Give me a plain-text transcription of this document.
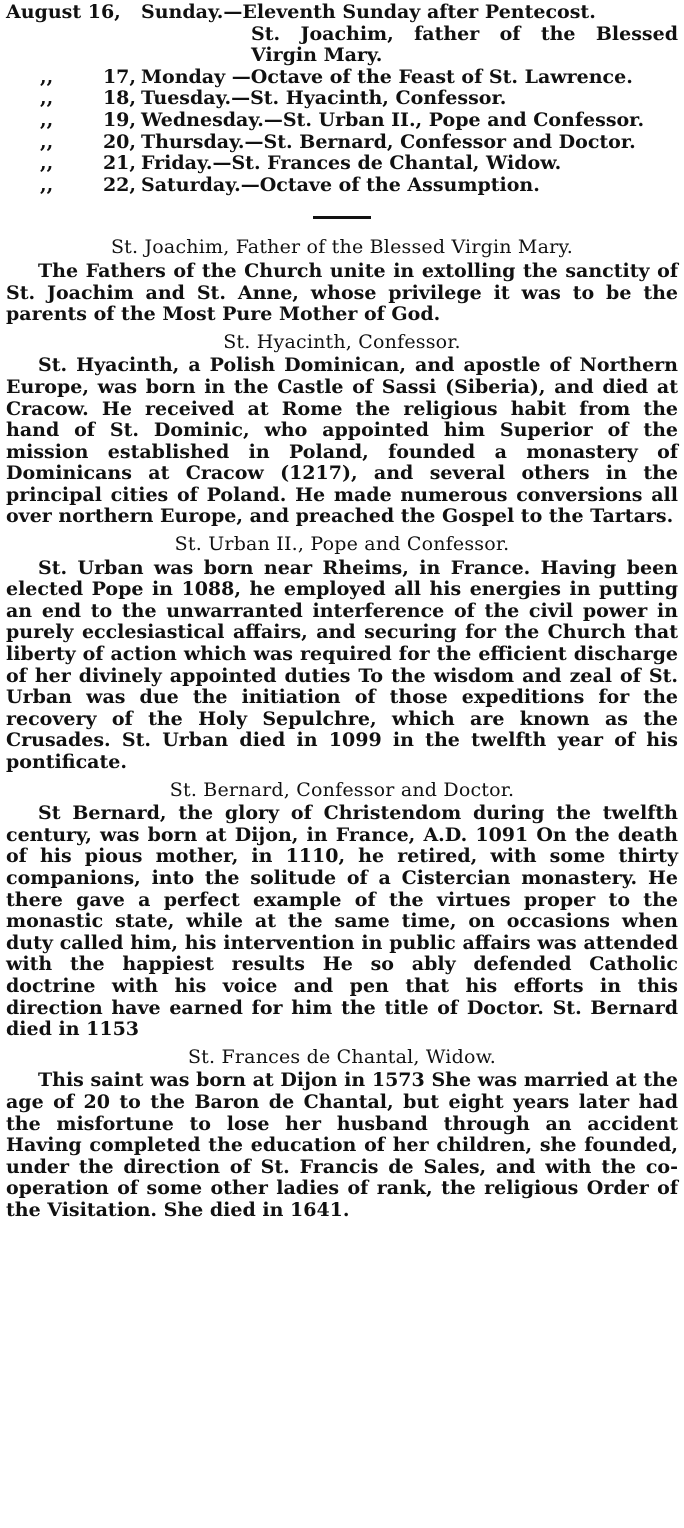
August 16,	Sunday.—Eleventh Sunday after Pentecost.

St. Joachim, father of the Blessed Virgin Mary.
,,	17, Monday —Octave of the Feast of St. Lawrence.
,,	18, Tuesday.—St. Hyacinth, Confessor.
,,	19, Wednesday.—St. Urban II., Pope and Confessor.
,,	20, Thursday.—St. Bernard, Confessor and Doctor.
,,	21, Friday.—St. Frances de Chantal, Widow.
,,	22, Saturday.—Octave of the Assumption.
St. Joachim, Father of the Blessed Virgin Mary.

The Fathers of the Church unite in extolling the sanctity of St. Joachim and St. Anne, whose privilege it was to be the parents of the Most Pure Mother of God.

St. Hyacinth, Confessor.

St. Hyacinth, a Polish Dominican, and apostle of Northern Europe, was born in the Castle of Sassi (Siberia), and died at Cracow. He received at Rome the religious habit from the hand of St. Dominic, who appointed him Superior of the mission established in Poland, founded a monastery of Dominicans at Cracow (1217), and several others in the principal cities of Poland. He made numerous conversions all over northern Europe, and preached the Gospel to the Tartars.

St. Urban II., Pope and Confessor.

St. Urban was born near Rheims, in France. Having been elected Pope in 1088, he employed all his energies in putting an end to the unwarranted interference of the civil power in purely ecclesiastical affairs, and securing for the Church that liberty of action which was required for the efficient discharge of her divinely appointed duties To the wisdom and zeal of St. Urban was due the initiation of those expeditions for the recovery of the Holy Sepulchre, which are known as the Crusades. St. Urban died in 1099 in the twelfth year of his pontificate.

St. Bernard, Confessor and Doctor.

St Bernard, the glory of Christendom during the twelfth century, was born at Dijon, in France, A.D. 1091 On the death of his pious mother, in 1110, he retired, with some thirty companions, into the solitude of a Cistercian monastery. He there gave a perfect example of the virtues proper to the monastic state, while at the same time, on occasions when duty called him, his intervention in public affairs was attended with the happiest results He so ably defended Catholic doctrine with his voice and pen that his efforts in this direction have earned for him the title of Doctor. St. Bernard died in 1153

St. Frances de Chantal, Widow.

This saint was born at Dijon in 1573 She was married at the age of 20 to the Baron de Chantal, but eight years later had the misfortune to lose her husband through an accident Having completed the education of her children, she founded, under the direction of St. Francis de Sales, and with the co-operation of some other ladies of rank, the religious Order of the Visitation. She died in 1641.
